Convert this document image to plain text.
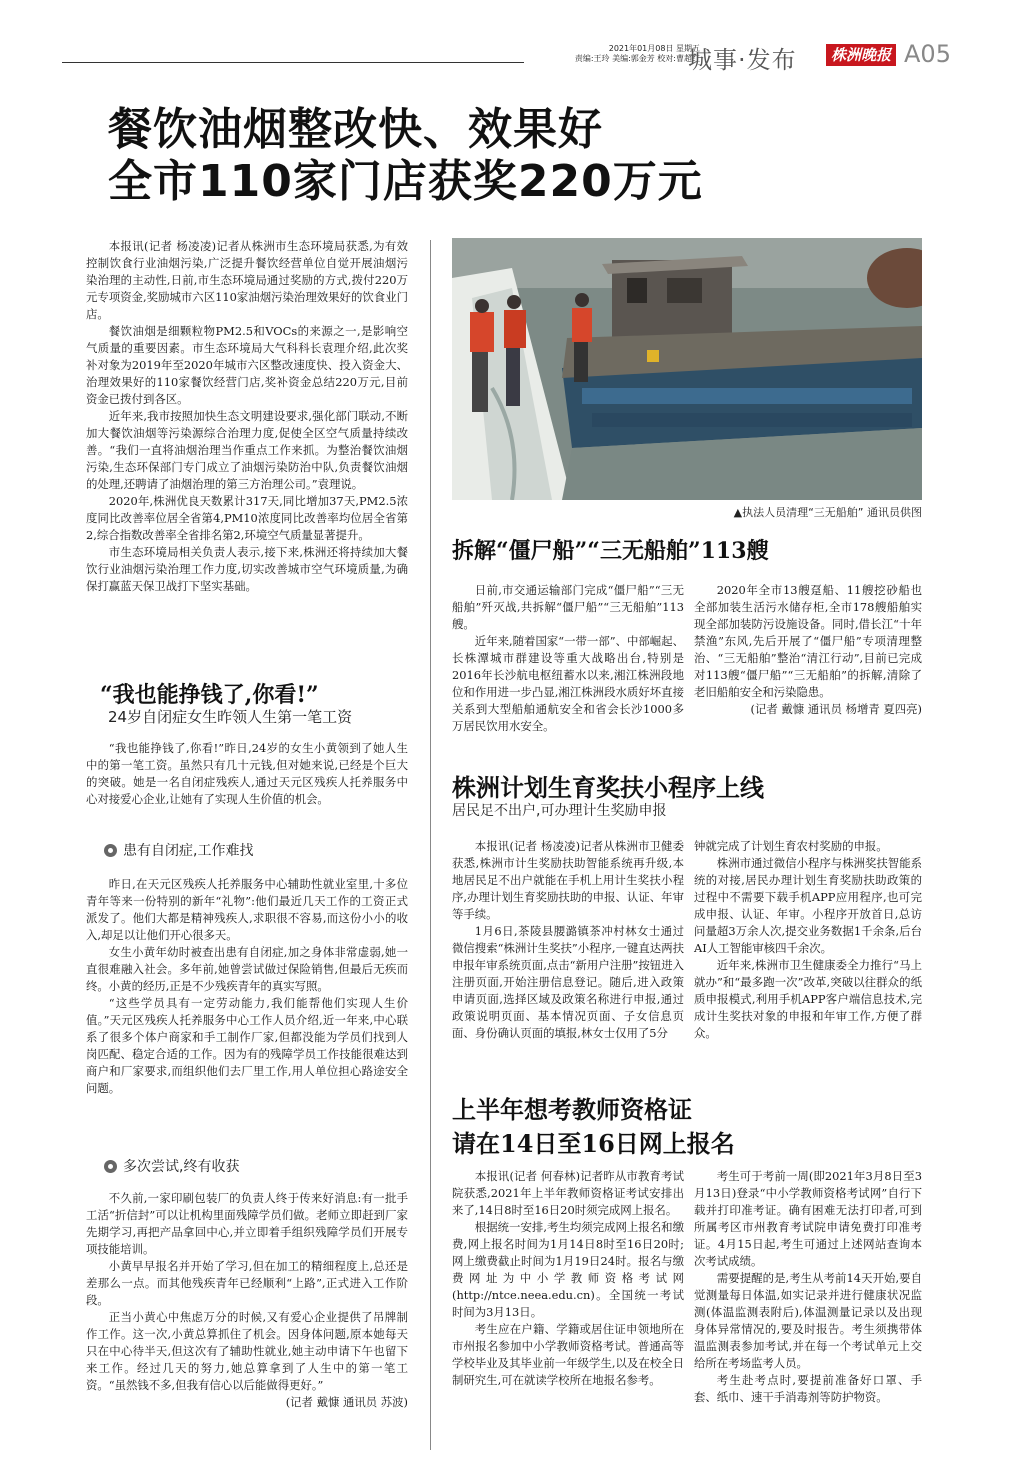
2021年01月08日 星期五
责编:王玲 美编:郭金芳 校对:曹超红
城事·发布	株洲晚报 A05
餐饮油烟整改快、效果好
全市110家门店获奖220万元

本报讯(记者 杨凌凌)记者从株洲市生态环境局获悉,为有效控制饮食行业油烟污染,广泛提升餐饮经营单位自觉开展油烟污染治理的主动性,日前,市生态环境局通过奖励的方式,拨付220万元专项资金,奖励城市六区110家油烟污染治理效果好的饮食业门店。

餐饮油烟是细颗粒物PM2.5和VOCs的来源之一,是影响空气质量的重要因素。市生态环境局大气科科长袁理介绍,此次奖补对象为2019年至2020年城市六区整改速度快、投入资金大、治理效果好的110家餐饮经营门店,奖补资金总结220万元,目前资金已拨付到各区。

近年来,我市按照加快生态文明建设要求,强化部门联动,不断加大餐饮油烟等污染源综合治理力度,促使全区空气质量持续改善。“我们一直将油烟治理当作重点工作来抓。为整治餐饮油烟污染,生态环保部门专门成立了油烟污染防治中队,负责餐饮油烟的处理,还聘请了油烟治理的第三方治理公司。”袁理说。

2020年,株洲优良天数累计317天,同比增加37天,PM2.5浓度同比改善率位居全省第4,PM10浓度同比改善率均位居全省第2,综合指数改善率全省排名第2,环境空气质量显著提升。

市生态环境局相关负责人表示,接下来,株洲还将持续加大餐饮行业油烟污染治理工作力度,切实改善城市空气环境质量,为确保打赢蓝天保卫战打下坚实基础。

▲执法人员清理“三无船舶” 通讯员供图
拆解“僵尸船”“三无船舶”113艘

日前,市交通运输部门完成“僵尸船”“三无船舶”歼灭战,共拆解“僵尸船”“三无船舶”113艘。

近年来,随着国家“一带一部”、中部崛起、长株潭城市群建设等重大战略出台,特别是2016年长沙航电枢纽蓄水以来,湘江株洲段地位和作用进一步凸显,湘江株洲段水质好坏直接关系到大型船舶通航安全和省会长沙1000多万居民饮用水安全。

2020年全市13艘趸船、11艘挖砂船也全部加装生活污水储存柜,全市178艘船舶实现全部加装防污设施设备。同时,借长江“十年禁渔”东风,先后开展了“僵尸船”专项清理整治、“三无船舶”整治“清江行动”,目前已完成对113艘“僵尸船”“三无船舶”的拆解,清除了老旧船舶安全和污染隐患。

(记者 戴慷 通讯员 杨增青 夏四亮)

“我也能挣钱了,你看!”
24岁自闭症女生昨领人生第一笔工资

“我也能挣钱了,你看!”昨日,24岁的女生小黄领到了她人生中的第一笔工资。虽然只有几十元钱,但对她来说,已经是个巨大的突破。她是一名自闭症残疾人,通过天元区残疾人托养服务中心对接爱心企业,让她有了实现人生价值的机会。

患有自闭症,工作难找

昨日,在天元区残疾人托养服务中心辅助性就业室里,十多位青年等来一份特别的新年“礼物”:他们最近几天工作的工资正式派发了。他们大都是精神残疾人,求职很不容易,而这份小小的收入,却足以让他们开心很多天。

女生小黄年幼时被查出患有自闭症,加之身体非常虚弱,她一直很难融入社会。多年前,她曾尝试做过保险销售,但最后无疾而终。小黄的经历,正是不少残疾青年的真实写照。

“这些学员具有一定劳动能力,我们能帮他们实现人生价值。”天元区残疾人托养服务中心工作人员介绍,近一年来,中心联系了很多个体户商家和手工制作厂家,但都没能为学员们找到人岗匹配、稳定合适的工作。因为有的残障学员工作技能很难达到商户和厂家要求,而组织他们去厂里工作,用人单位担心路途安全问题。

多次尝试,终有收获

不久前,一家印刷包装厂的负责人终于传来好消息:有一批手工活“折信封”可以让机构里面残障学员们做。老师立即赶到厂家先期学习,再把产品拿回中心,并立即着手组织残障学员们开展专项技能培训。

小黄早早报名并开始了学习,但在加工的精细程度上,总还是差那么一点。而其他残疾青年已经顺利“上路”,正式进入工作阶段。

正当小黄心中焦虑万分的时候,又有爱心企业提供了吊牌制作工作。这一次,小黄总算抓住了机会。因身体问题,原本她每天只在中心待半天,但这次有了辅助性就业,她主动申请下午也留下来工作。经过几天的努力,她总算拿到了人生中的第一笔工资。“虽然钱不多,但我有信心以后能做得更好。”

(记者 戴慷 通讯员 苏波)

株洲计划生育奖扶小程序上线
居民足不出户,可办理计生奖励申报

本报讯(记者 杨凌凌)记者从株洲市卫健委获悉,株洲市计生奖励扶助智能系统再升级,本地居民足不出户就能在手机上用计生奖扶小程序,办理计划生育奖励扶助的申报、认证、年审等手续。

1月6日,茶陵县腰潞镇茶冲村林女士通过微信搜索“株洲计生奖扶”小程序,一键直达两扶申报年审系统页面,点击“新用户注册”按钮进入注册页面,开始注册信息登记。随后,进入政策申请页面,选择区域及政策名称进行申报,通过政策说明页面、基本情况页面、子女信息页面、身份确认页面的填报,林女士仅用了5分

钟就完成了计划生育农村奖励的申报。

株洲市通过微信小程序与株洲奖扶智能系统的对接,居民办理计划生育奖励扶助政策的过程中不需要下载手机APP应用程序,也可完成申报、认证、年审。小程序开放首日,总访问量超3万余人次,提交业务数据1千余条,后台AI人工智能审核四千余次。

近年来,株洲市卫生健康委全力推行“马上就办”和“最多跑一次”改革,突破以往群众的纸质申报模式,利用手机APP客户端信息技术,完成计生奖扶对象的申报和年审工作,方便了群众。

上半年想考教师资格证
请在14日至16日网上报名

本报讯(记者 何春林)记者昨从市教育考试院获悉,2021年上半年教师资格证考试安排出来了,14日8时至16日20时须完成网上报名。

根据统一安排,考生均须完成网上报名和缴费,网上报名时间为1月14日8时至16日20时;网上缴费截止时间为1月19日24时。报名与缴费网址为中小学教师资格考试网(http://ntce.neea.edu.cn)。全国统一考试时间为3月13日。

考生应在户籍、学籍或居住证申领地所在市州报名参加中小学教师资格考试。普通高等学校毕业及其毕业前一年级学生,以及在校全日制研究生,可在就读学校所在地报名参考。

考生可于考前一周(即2021年3月8日至3月13日)登录“中小学教师资格考试网”自行下载并打印准考证。确有困难无法打印者,可到所属考区市州教育考试院申请免费打印准考证。4月15日起,考生可通过上述网站查询本次考试成绩。

需要提醒的是,考生从考前14天开始,要自觉测量每日体温,如实记录并进行健康状况监测(体温监测表附后),体温测量记录以及出现身体异常情况的,要及时报告。考生须携带体温监测表参加考试,并在每一个考试单元上交给所在考场监考人员。

考生赴考点时,要提前准备好口罩、手套、纸巾、速干手消毒剂等防护物资。
